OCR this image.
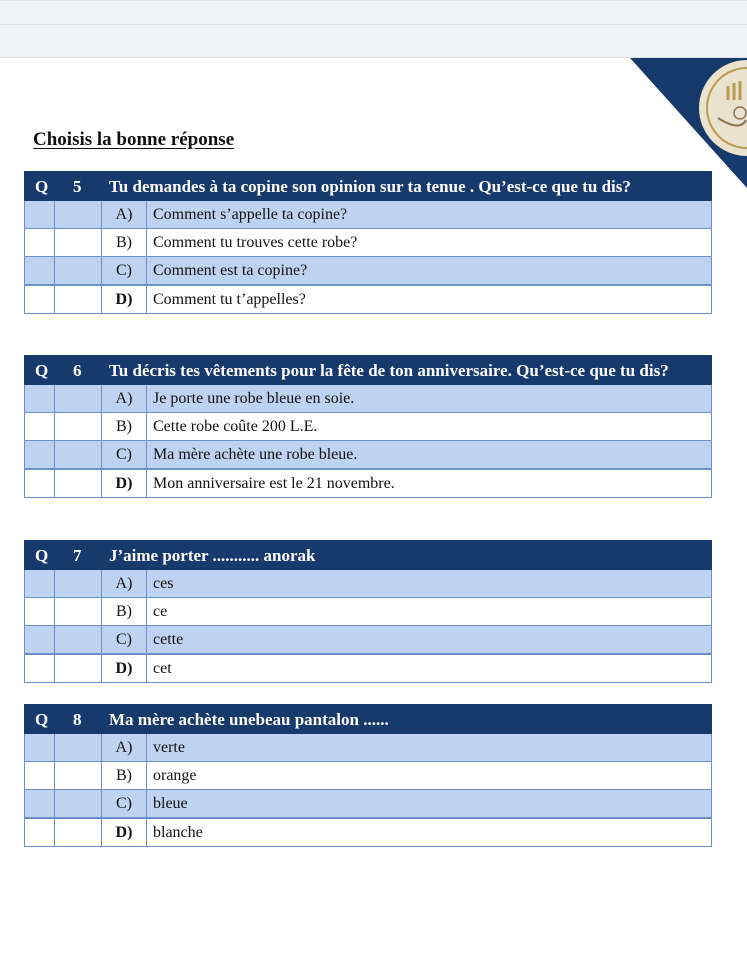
Choisis la bonne réponse
Q	5	Tu demandes à ta copine son opinion sur ta tenue . Qu’est-ce que tu dis?	
		A)	Comment s’appelle ta copine?
		B)	Comment tu trouves cette robe?
		C)	Comment est ta copine?
		D)	Comment tu t’appelles?
Q	6	Tu décris tes vêtements pour la fête de ton anniversaire. Qu’est-ce que tu dis?	
		A)	Je porte une robe bleue en soie.
		B)	Cette robe coûte 200 L.E.
		C)	Ma mère achète une robe bleue.
		D)	Mon anniversaire est le 21 novembre.
Q	7	J’aime porter ........... anorak	
		A)	ces
		B)	ce
		C)	cette
		D)	cet
Q	8	Ma mère achète unebeau pantalon ......	
		A)	verte
		B)	orange
		C)	bleue
		D)	blanche
